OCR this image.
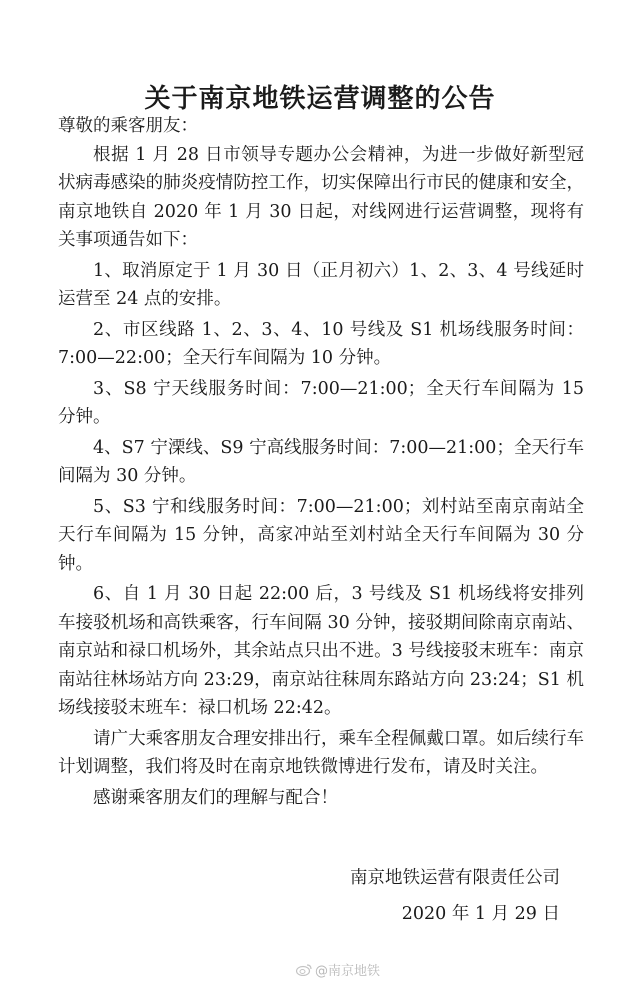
关于南京地铁运营调整的公告

尊敬的乘客朋友：

根据 1 月 28 日市领导专题办公会精神，为进一步做好新型冠状病毒感染的肺炎疫情防控工作，切实保障出行市民的健康和安全，南京地铁自 2020 年 1 月 30 日起，对线网进行运营调整，现将有关事项通告如下：

1、取消原定于 1 月 30 日（正月初六）1、2、3、4 号线延时运营至 24 点的安排。

2、市区线路 1、2、3、4、10 号线及 S1 机场线服务时间：7:00—22:00；全天行车间隔为 10 分钟。

3、S8 宁天线服务时间：7:00—21:00；全天行车间隔为 15 分钟。

4、S7 宁溧线、S9 宁高线服务时间：7:00—21:00；全天行车间隔为 30 分钟。

5、S3 宁和线服务时间：7:00—21:00；刘村站至南京南站全天行车间隔为 15 分钟，高家冲站至刘村站全天行车间隔为 30 分钟。

6、自 1 月 30 日起 22:00 后，3 号线及 S1 机场线将安排列车接驳机场和高铁乘客，行车间隔 30 分钟，接驳期间除南京南站、南京站和禄口机场外，其余站点只出不进。3 号线接驳末班车：南京南站往林场站方向 23:29，南京站往秣周东路站方向 23:24；S1 机场线接驳末班车：禄口机场 22:42。

请广大乘客朋友合理安排出行，乘车全程佩戴口罩。如后续行车计划调整，我们将及时在南京地铁微博进行发布，请及时关注。

感谢乘客朋友们的理解与配合！

南京地铁运营有限责任公司
2020 年 1 月 29 日
@南京地铁
